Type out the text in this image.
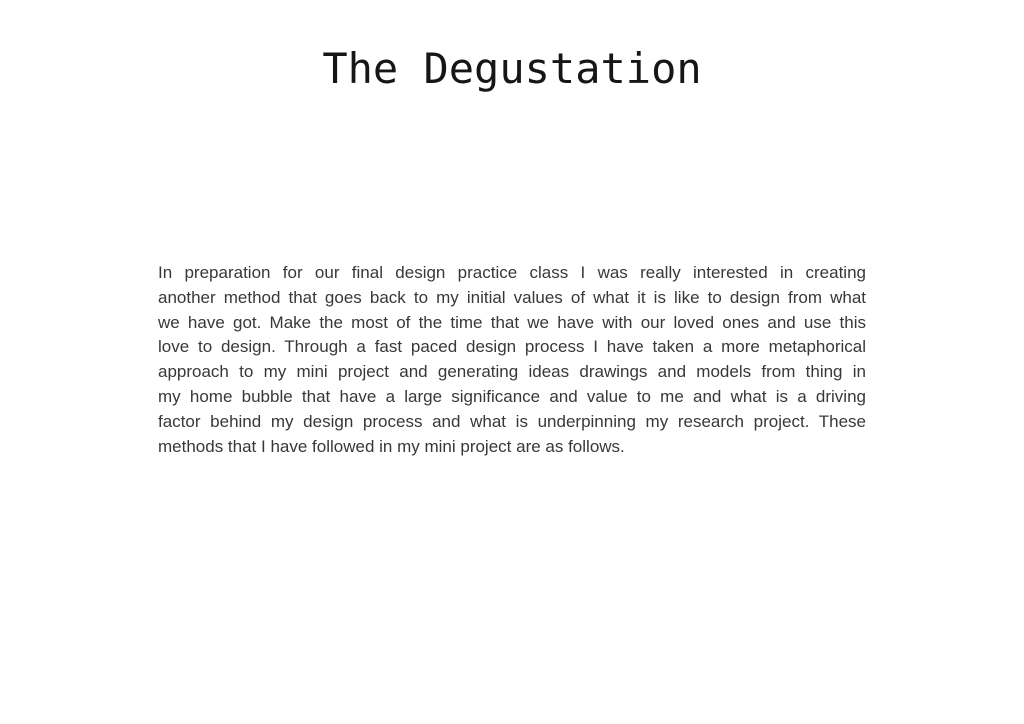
The Degustation
In preparation for our final design practice class I was really interested in creating
another method that goes back to my initial values of what it is like to design from what
we have got. Make the most of the time that we have with our loved ones and use this
love to design. Through a fast paced design process I have taken a more metaphorical
approach to my mini project and generating ideas drawings and models from thing in
my home bubble that have a large significance and value to me and what is a driving
factor behind my design process and what is underpinning my research project. These
methods that I have followed in my mini project are as follows.
